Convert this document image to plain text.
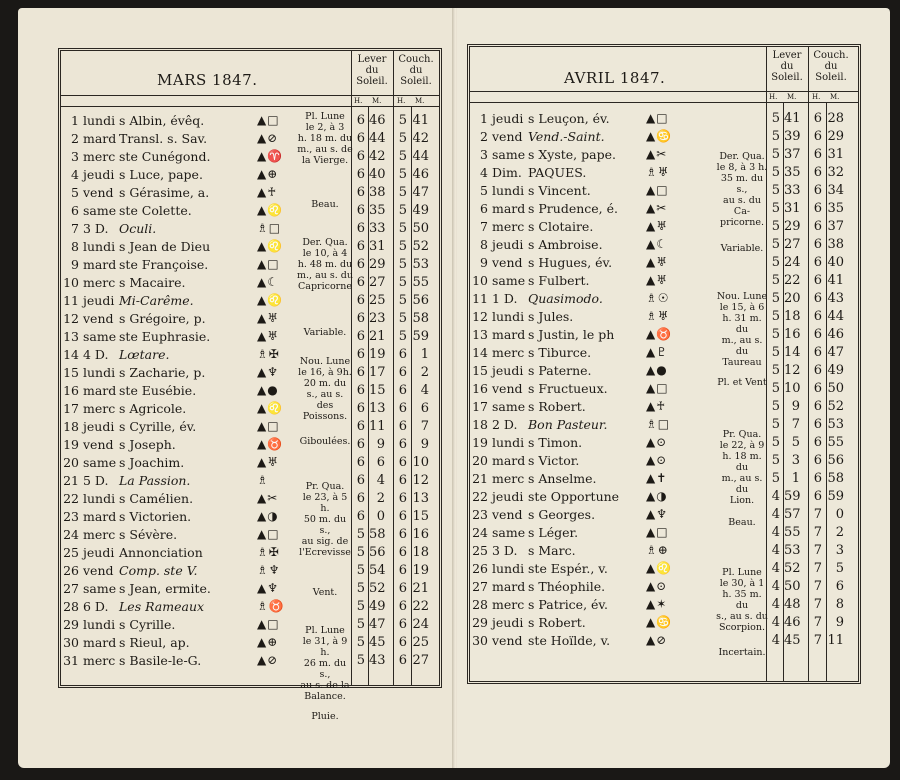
MARS 1847.
Lever
du
Soleil.
Couch.
du
Soleil.
H. M. H. M.
1 lundi s Albin, évêq.	▲□	6 46 5 41
2 mard Transl. s. Sav.	▲⊘	6 44 5 42
3 merc ste Cunégond.	▲♈	6 42 5 44
4 jeudi s Luce, pape.	▲⊕	6 40 5 46
5 vend s Gérasime, a.	▲♰	6 38 5 47
6 same ste Colette.	▲♌	6 35 5 49
7 3 D. Oculi.	♗□	6 33 5 50
8 lundi s Jean de Dieu	▲♌	6 31 5 52
9 mard ste Françoise.	▲□	6 29 5 53
10 merc s Macaire.	▲☾	6 27 5 55
11 jeudi Mi-Carême.	▲♌	6 25 5 56
12 vend s Grégoire, p.	▲♅	6 23 5 58
13 same ste Euphrasie.	▲♅	6 21 5 59
14 4 D. Lœtare.	♗✠	6 19 6	1
15 lundi s Zacharie, p.	▲♆	6 17 6	2
16 mard ste Eusébie.	▲●	6 15 6	4
17 merc s Agricole.	▲♌	6 13 6	6
18 jeudi s Cyrille, év.	▲□	6 11 6	7
19 vend s Joseph.	▲♉	6 9 6	9
20 same s Joachim.	▲♅	6 6 6 10
21 5 D. La Passion.	♗	6 4 6 12
22 lundi s Camélien.	▲✂	6 2 6 13
23 mard s Victorien.	▲◑	6 0 6 15
24 merc s Sévère.	▲□	5 58 6 16
25 jeudi Annonciation	♗✠	5 56 6 18
26 vend Comp. ste V.	♗♆	5 54 6 19
27 same s Jean, ermite.	▲♆	5 52 6 21
28 6 D. Les Rameaux	♗♉	5 49 6 22
29 lundi s Cyrille.	▲□	5 47 6 24
30 mard s Rieul, ap.	▲⊕	5 45 6 25
31 merc s Basile-le-G.	▲⊘	5 43 6 27
Pl. Lune
le 2, à 3
h. 18 m. du
m., au s. de
la Vierge.
Beau.
Der. Qua.
le 10, à 4
h. 48 m. du
m., au s. du
Capricorne
Variable.
Nou. Lune
le 16, à 9h.
20 m. du
s., au s. des
Poissons.
Giboulées.
Pr. Qua.
le 23, à 5 h.
50 m. du s.,
au sig. de
l'Ecrevisse
Vent.
Pl. Lune
le 31, à 9 h.
26 m. du s.,
au s. de la
Balance.
Pluie.
AVRIL 1847.
Lever
du
Soleil.
Couch.
du
Soleil.
H. M. H. M.
1 jeudi s Leuçon, év.	▲□	5 41 6 28
2 vend Vend.-Saint.	▲♋	5 39 6 29
3 same s Xyste, pape.	▲✂	5 37 6 31
4 Dim. PAQUES.	♗♅	5 35 6 32
5 lundi s Vincent.	▲□	5 33 6 34
6 mard s Prudence, é. ▲✂	5 31 6 35
7 merc s Clotaire.	▲♅	5 29 6 37
8 jeudi s Ambroise.	▲☾	5 27 6 38
9 vend s Hugues, év.	▲♅	5 24 6 40
10 same s Fulbert.	▲♅	5 22 6 41
11 1 D. Quasimodo.	♗☉	5 20 6 43
12 lundi s Jules.	♗♅	5 18 6 44
13 mard s Justin, le ph	▲♉	5 16 6 46
14 merc s Tiburce.	▲♇	5 14 6 47
15 jeudi s Paterne.	▲●	5 12 6 49
16 vend s Fructueux.	▲□	5 10 6 50
17 same s Robert.	▲♰	5 9 6 52
18 2 D. Bon Pasteur.	♗□	5 7 6 53
19 lundi s Timon.	▲⊙	5 5 6 55
20 mard s Victor.	▲⊙	5 3 6 56
21 merc s Anselme.	▲✝	5 1 6 58
22 jeudi ste Opportune ▲◑	4 59 6 59
23 vend s Georges.	▲♆	4 57 7	0
24 same s Léger.	▲□	4 55 7	2
25 3 D. s Marc.	♗⊕	4 53 7	3
26 lundi ste Espér., v.	▲♌	4 52 7	5
27 mard s Théophile.	▲⊙	4 50 7	6
28 merc s Patrice, év.	▲✶	4 48 7	8
29 jeudi s Robert.	▲♋	4 46 7	9
30 vend ste Hoïlde, v.	▲⊘	4 45 7 11
Der. Qua.
le 8, à 3 h.
35 m. du s.,
au s. du Ca-
pricorne.
Variable.
Nou. Lune
le 15, à 6
h. 31 m. du
m., au s.
du Taureau
Pl. et Vent
Pr. Qua.
le 22, à 9
h. 18 m. du
m., au s. du
Lion.
Beau.
Pl. Lune
le 30, à 1
h. 35 m. du
s., au s. du
Scorpion.
Incertain.
